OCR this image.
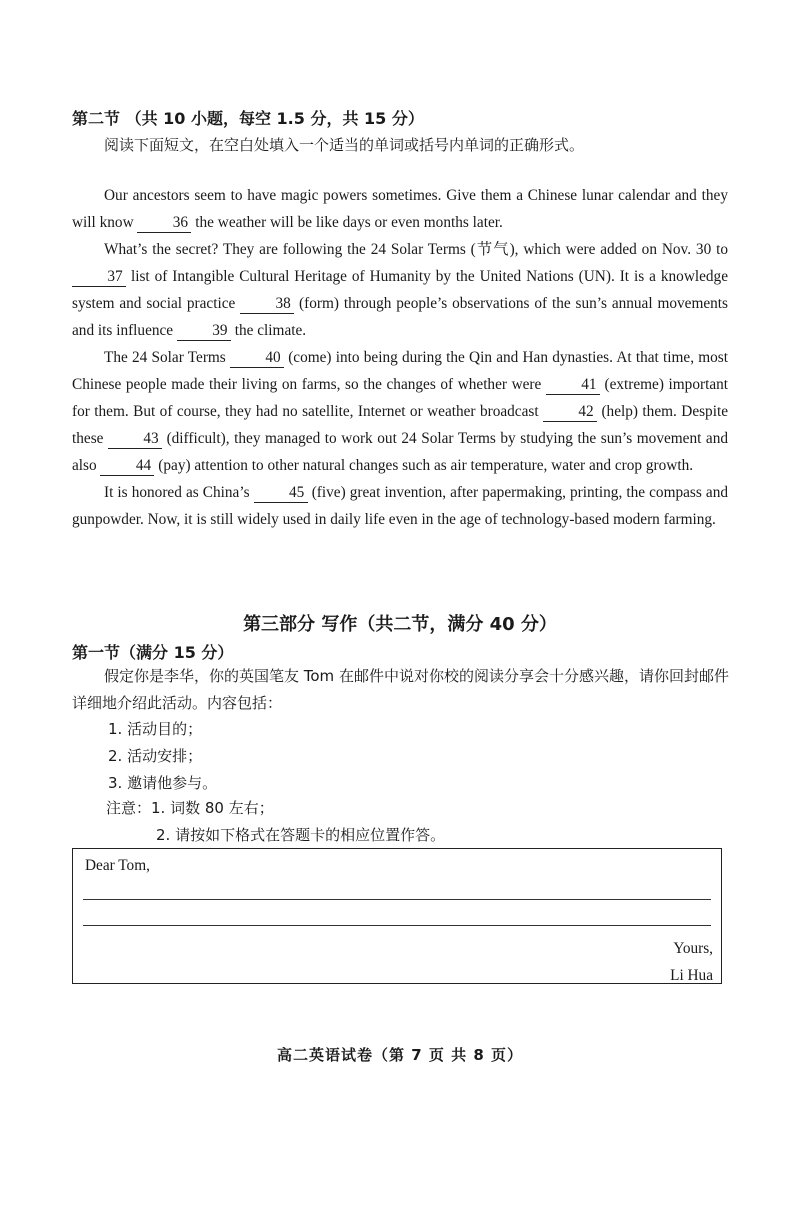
第二节 （共 10 小题，每空 1.5 分，共 15 分）
阅读下面短文，在空白处填入一个适当的单词或括号内单词的正确形式。

Our ancestors seem to have magic powers sometimes. Give them a Chinese lunar calendar and they will know 36 the weather will be like days or even months later.

What’s the secret? They are following the 24 Solar Terms (节气), which were added on Nov. 30 to 37 list of Intangible Cultural Heritage of Humanity by the United Nations (UN). It is a knowledge system and social practice 38 (form) through people’s observations of the sun’s annual movements and its influence 39 the climate.

The 24 Solar Terms 40 (come) into being during the Qin and Han dynasties. At that time, most Chinese people made their living on farms, so the changes of whether were 41 (extreme) important for them. But of course, they had no satellite, Internet or weather broadcast 42 (help) them. Despite these 43 (difficult), they managed to work out 24 Solar Terms by studying the sun’s movement and also 44 (pay) attention to other natural changes such as air temperature, water and crop growth.

It is honored as China’s 45 (five) great invention, after papermaking, printing, the compass and gunpowder. Now, it is still widely used in daily life even in the age of technology-based modern farming.

第三部分 写作（共二节，满分 40 分）
第一节（满分 15 分）
假定你是李华，你的英国笔友 Tom 在邮件中说对你校的阅读分享会十分感兴趣，请你回封邮件详细地介绍此活动。内容包括：
1. 活动目的；
2. 活动安排；
3. 邀请他参与。
注意：1. 词数 80 左右；
2. 请按如下格式在答题卡的相应位置作答。
Dear Tom,
Yours,
Li Hua
高二英语试卷（第 7 页 共 8 页）
